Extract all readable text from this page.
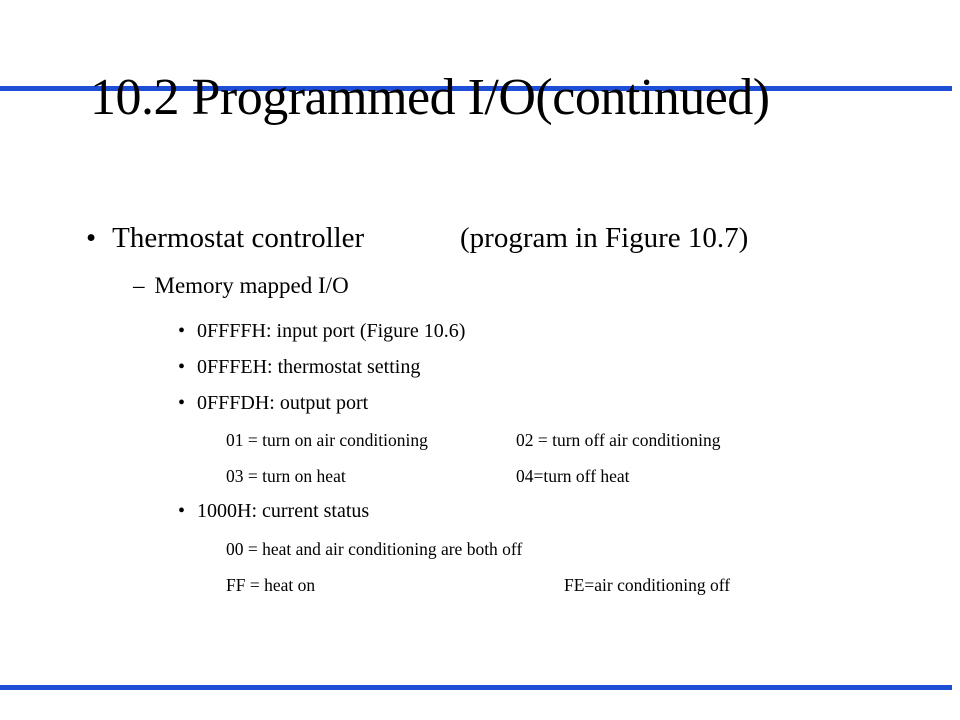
10.2 Programmed I/O(continued)
• Thermostat controller	(program in Figure 10.7)
– Memory mapped I/O
• 0FFFFH: input port (Figure 10.6)
• 0FFFEH: thermostat setting
• 0FFFDH: output port
01 = turn on air conditioning	02 = turn off air conditioning
03 = turn on heat	04=turn off heat
• 1000H: current status
00 = heat and air conditioning are both off
FF = heat on	FE=air conditioning off
